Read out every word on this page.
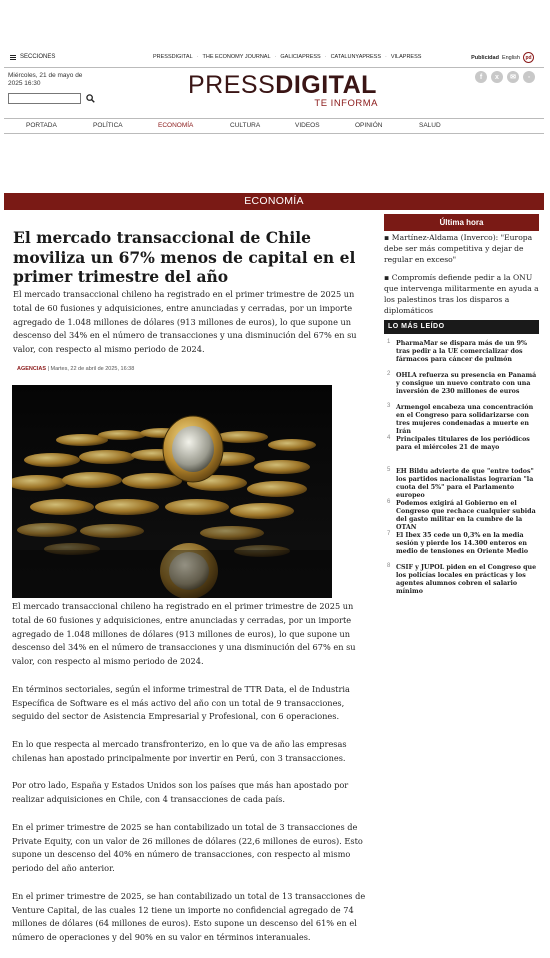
SECCIONES	PRESSDIGITAL · THE ECONOMY JOURNAL · GALICIAPRESS · CATALUNYAPRESS · VILAPRESS	Publicidad English	pd
Miércoles, 21 de mayo de 2025 16:30	PRESSDIGITAL
TE INFORMA
f	x	✉	◦
PORTADA	POLÍTICA	ECONOMÍA	CULTURA	VIDEOS	OPINIÓN	SALUD
ECONOMÍA
El mercado transaccional de Chile moviliza un 67% menos de capital en el primer trimestre del año

El mercado transaccional chileno ha registrado en el primer trimestre de 2025 un total de 60 fusiones y adquisiciones, entre anunciadas y cerradas, por un importe agregado de 1.048 millones de dólares (913 millones de euros), lo que supone un descenso del 34% en el número de transacciones y una disminución del 67% en su valor, con respecto al mismo periodo de 2024.

AGENCIAS | Martes, 22 de abril de 2025, 16:38

El mercado transaccional chileno ha registrado en el primer trimestre de 2025 un total de 60 fusiones y adquisiciones, entre anunciadas y cerradas, por un importe agregado de 1.048 millones de dólares (913 millones de euros), lo que supone un descenso del 34% en el número de transacciones y una disminución del 67% en su valor, con respecto al mismo periodo de 2024.

En términos sectoriales, según el informe trimestral de TTR Data, el de Industria Específica de Software es el más activo del año con un total de 9 transacciones, seguido del sector de Asistencia Empresarial y Profesional, con 6 operaciones.

En lo que respecta al mercado transfronterizo, en lo que va de año las empresas chilenas han apostado principalmente por invertir en Perú, con 3 transacciones.

Por otro lado, España y Estados Unidos son los países que más han apostado por realizar adquisiciones en Chile, con 4 transacciones de cada país.

En el primer trimestre de 2025 se han contabilizado un total de 3 transacciones de Private Equity, con un valor de 26 millones de dólares (22,6 millones de euros). Esto supone un descenso del 40% en número de transacciones, con respecto al mismo periodo del año anterior.

En el primer trimestre de 2025, se han contabilizado un total de 13 transacciones de Venture Capital, de las cuales 12 tiene un importe no confidencial agregado de 74 millones de dólares (64 millones de euros). Esto supone un descenso del 61% en el número de operaciones y del 90% en su valor en términos interanuales.

Última hora
▪ Martínez-Aldama (Inverco): "Europa debe ser más competitiva y dejar de regular en exceso"
▪ Compromís defiende pedir a la ONU que intervenga militarmente en ayuda a los palestinos tras los disparos a diplomáticos
LO MÁS LEÍDO
1 PharmaMar se dispara más de un 9% tras pedir a la UE comercializar dos fármacos para cáncer de pulmón
2 OHLA refuerza su presencia en Panamá y consigue un nuevo contrato con una inversión de 230 millones de euros
3 Armengol encabeza una concentración en el Congreso para solidarizarse con tres mujeres condenadas a muerte en Irán
4 Principales titulares de los periódicos para el miércoles 21 de mayo
5 EH Bildu advierte de que "entre todos" los partidos nacionalistas lograrían "la cuota del 5%" para el Parlamento europeo
6 Podemos exigirá al Gobierno en el Congreso que rechace cualquier subida del gasto militar en la cumbre de la OTAN
7 El Ibex 35 cede un 0,3% en la media sesión y pierde los 14.300 enteros en medio de tensiones en Oriente Medio
8 CSIF y JUPOL piden en el Congreso que los policías locales en prácticas y los agentes alumnos cobren el salario mínimo
